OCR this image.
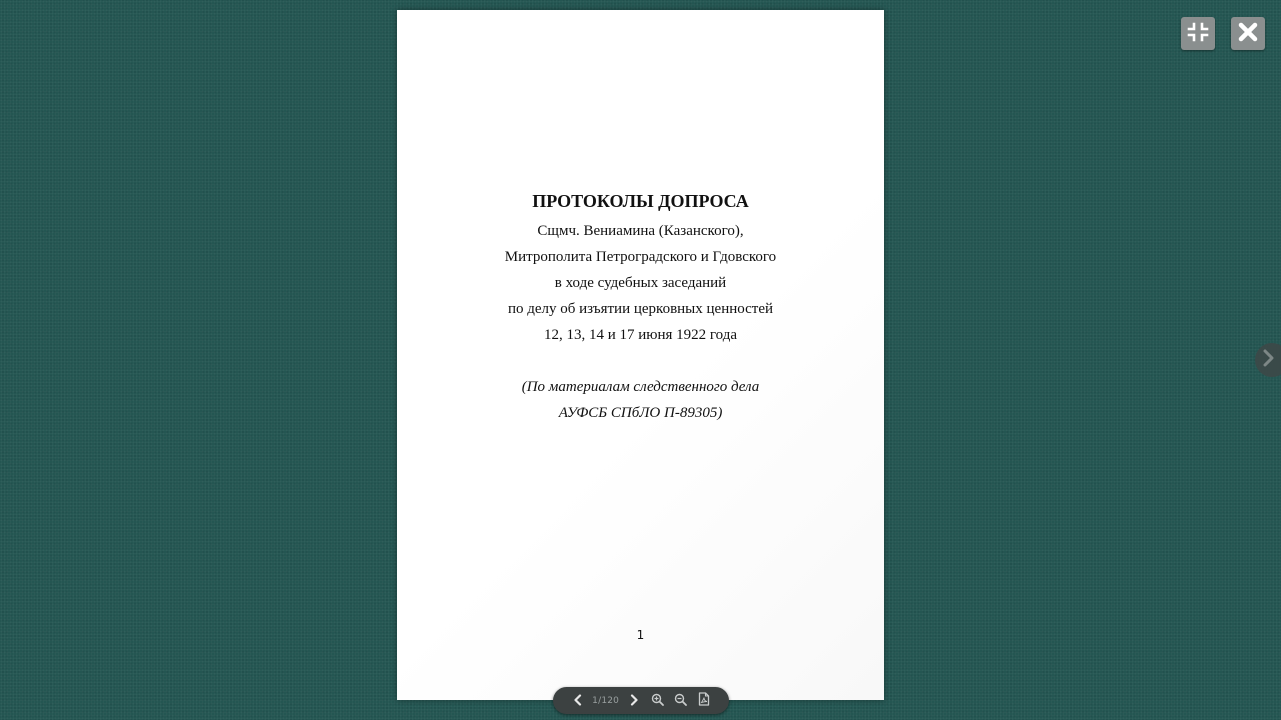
ПРОТОКОЛЫ ДОПРОСА
Сщмч. Вениамина (Казанского),
Митрополита Петроградского и Гдовского
в ходе судебных заседаний
по делу об изъятии церковных ценностей
12, 13, 14 и 17 июня 1922 года
(По материалам следственного дела
АУФСБ СПбЛО П-89305)
1
1/120
